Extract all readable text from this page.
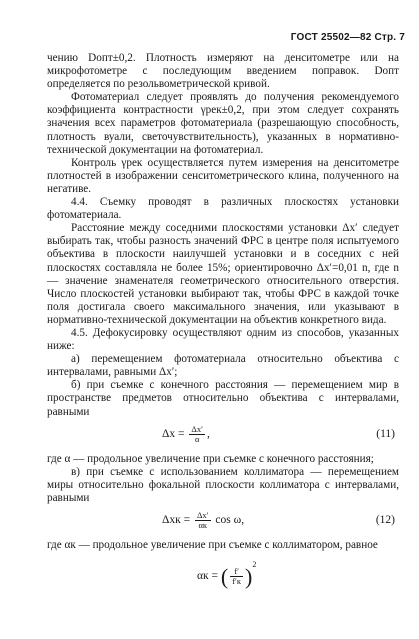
ГОСТ 25502—82 Стр. 7

чению Dопт±0,2. Плотность измеряют на денситометре или на микрофотометре с последующим введением поправок. Dопт определяется по резольвометрической кривой.

Фотоматериал следует проявлять до получения рекомендуемого коэффициента контрастности γрек±0,2, при этом следует сохранять значения всех параметров фотоматериала (разрешающую способность, плотность вуали, светочувствительность), указанных в нормативно-технической документации на фотоматериал.

Контроль γрек осуществляется путем измерения на денситометре плотностей в изображении сенситометрического клина, полученного на негативе.

4.4. Съемку проводят в различных плоскостях установки фотоматериала.

Расстояние между соседними плоскостями установки Δx′ следует выбирать так, чтобы разность значений ФРС в центре поля испытуемого объектива в плоскости наилучшей установки и в соседних с ней плоскостях составляла не более 15%; ориентировочно Δx′=0,01 n, где n — значение знаменателя геометрического относительного отверстия. Число плоскостей установки выбирают так, чтобы ФРС в каждой точке поля достигала своего максимального значения, или указывают в нормативно-технической документации на объектив конкретного вида.

4.5. Дефокусировку осуществляют одним из способов, указанных ниже:

а) перемещением фотоматериала относительно объектива с интервалами, равными Δx′;

б) при съемке с конечного расстояния — перемещением мир в пространстве предметов относительно объектива с интервалами, равными

$\Delta x = \frac{\Delta x'}{\alpha}$ ,	(11)

где α — продольное увеличение при съемке с конечного расстояния;

в) при съемке с использованием коллиматора — перемещением миры относительно фокальной плоскости коллиматора с интервалами, равными

$\Delta xк = \frac{\Delta x'}{\alpha к}$ cos ω,	(12)

где αк — продольное увеличение при съемке с коллиматором, равное

αк = ( $\frac{f'}{f'к} )^2$
